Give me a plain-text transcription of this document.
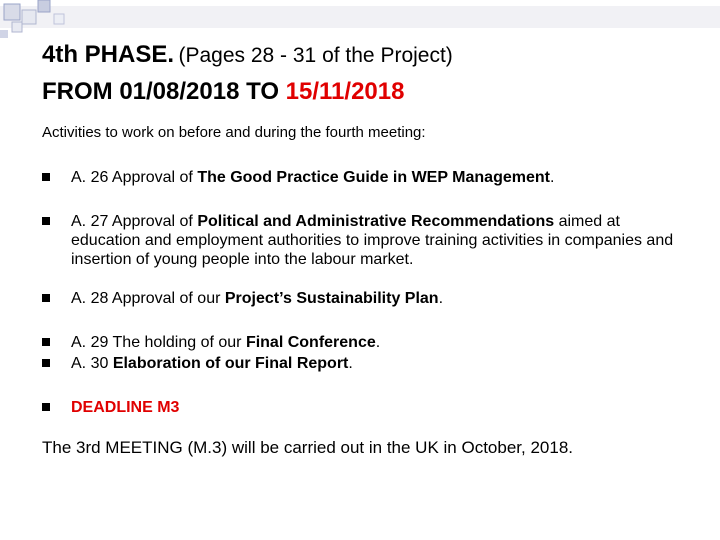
4th PHASE. (Pages 28 - 31 of the Project)
FROM 01/08/2018 TO 15/11/2018
Activities to work on before and during the fourth meeting:
A. 26 Approval of The Good Practice Guide in WEP Management.
A. 27 Approval of Political and Administrative Recommendations aimed at education and employment authorities to improve training activities in companies and insertion of young people into the labour market.
A. 28 Approval of our Project’s Sustainability Plan.
A. 29 The holding of our Final Conference.
A. 30 Elaboration of our Final Report.
DEADLINE M3
The 3rd MEETING (M.3) will be carried out in the UK in October, 2018.
